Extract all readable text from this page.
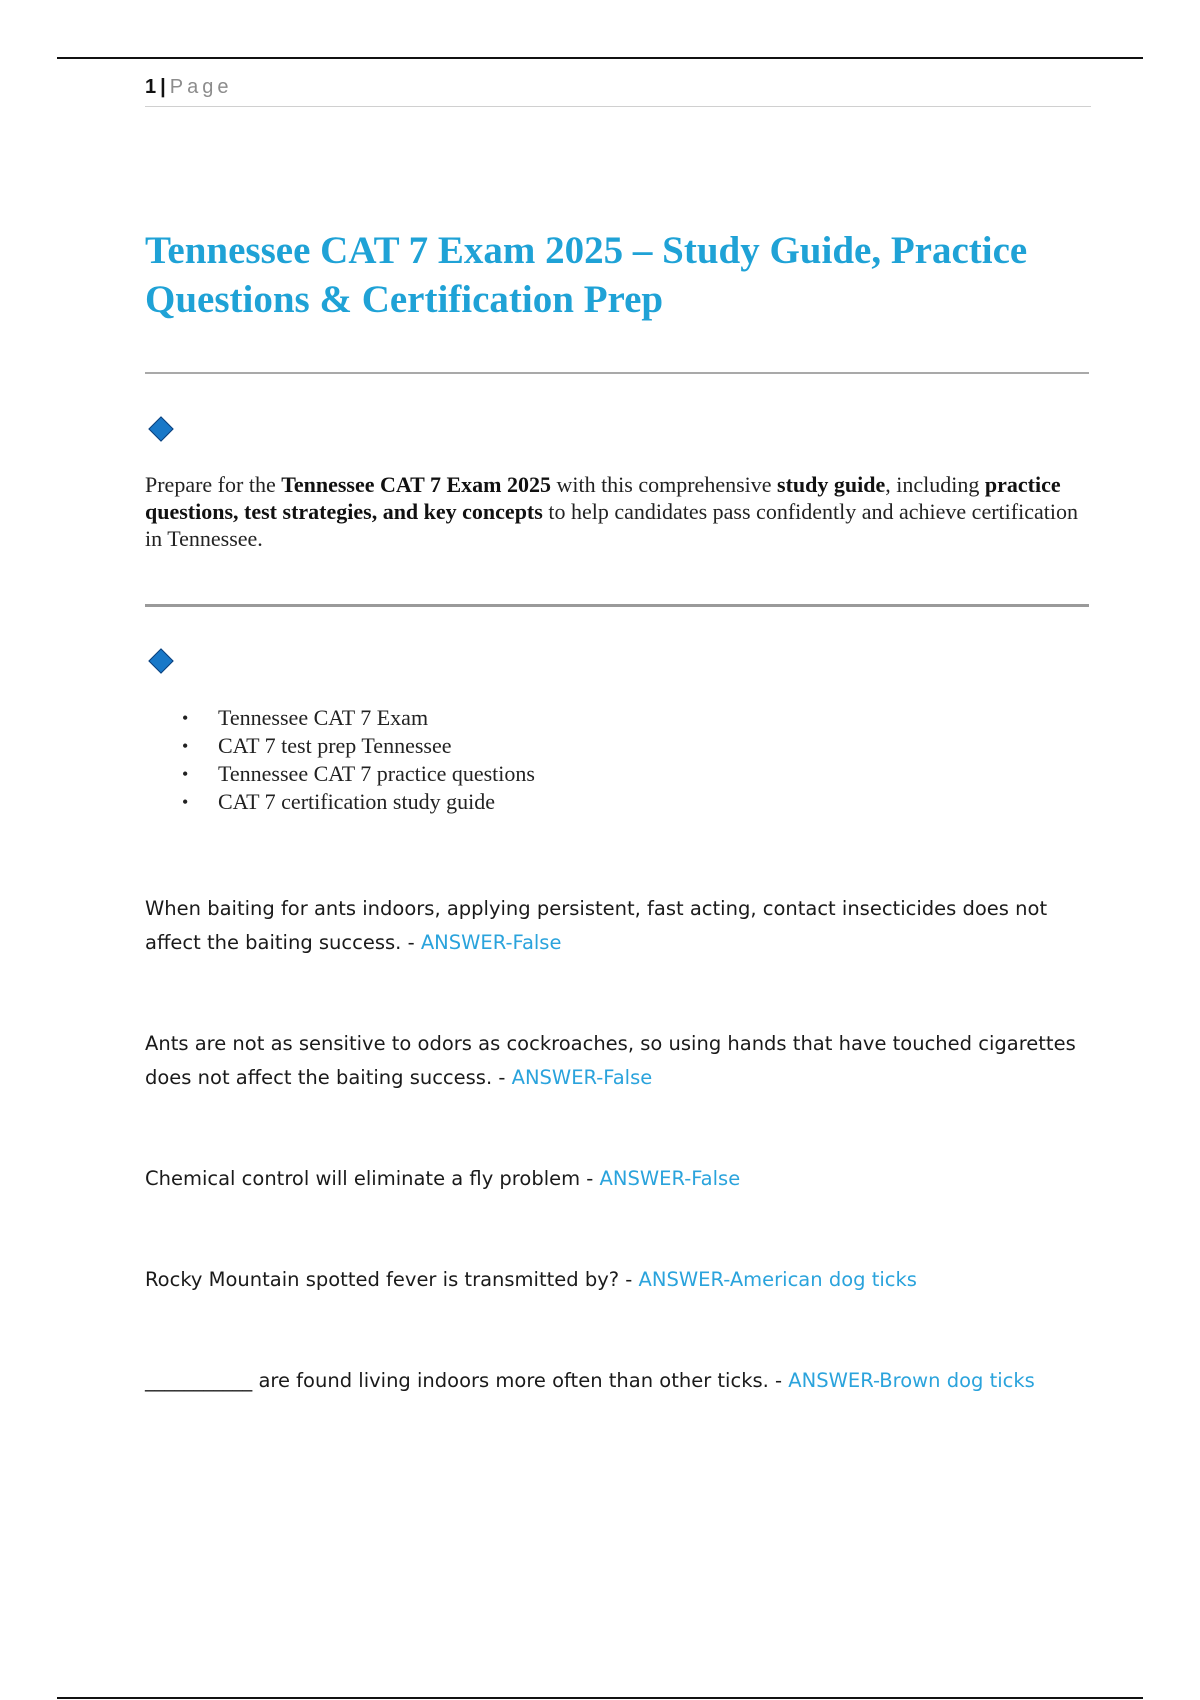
1 | Page
Tennessee CAT 7 Exam 2025 – Study Guide, Practice Questions & Certification Prep

Prepare for the Tennessee CAT 7 Exam 2025 with this comprehensive study guide, including practice questions, test strategies, and key concepts to help candidates pass confidently and achieve certification in Tennessee.

• Tennessee CAT 7 Exam
• CAT 7 test prep Tennessee
• Tennessee CAT 7 practice questions
• CAT 7 certification study guide

When baiting for ants indoors, applying persistent, fast acting, contact insecticides does not affect the baiting success. - ANSWER-False

Ants are not as sensitive to odors as cockroaches, so using hands that have touched cigarettes does not affect the baiting success. - ANSWER-False

Chemical control will eliminate a fly problem - ANSWER-False

Rocky Mountain spotted fever is transmitted by? - ANSWER-American dog ticks

___________ are found living indoors more often than other ticks. - ANSWER-Brown dog ticks
